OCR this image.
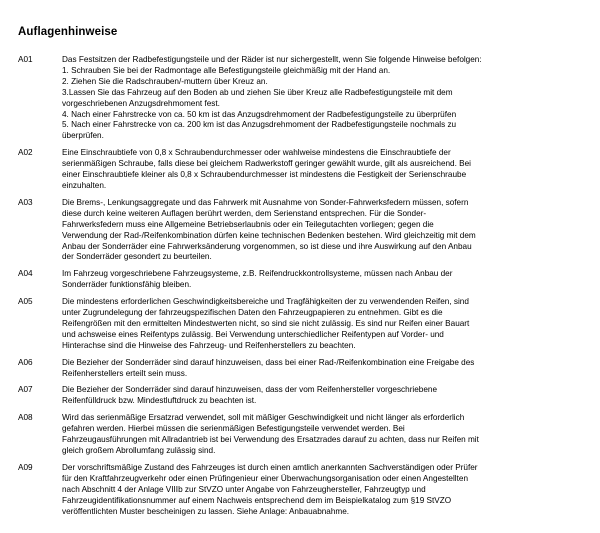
Auflagenhinweise
A01	Das Festsitzen der Radbefestigungsteile und der Räder ist nur sichergestellt, wenn Sie folgende Hinweise befolgen:
1. Schrauben Sie bei der Radmontage alle Befestigungsteile gleichmäßig mit der Hand an.
2. Ziehen Sie die Radschrauben/-muttern über Kreuz an.
3.Lassen Sie das Fahrzeug auf den Boden ab und ziehen Sie über Kreuz alle Radbefestigungsteile mit dem
vorgeschriebenen Anzugsdrehmoment fest.
4. Nach einer Fahrstrecke von ca. 50 km ist das Anzugsdrehmoment der Radbefestigungsteile zu überprüfen
5. Nach einer Fahrstrecke von ca. 200 km ist das Anzugsdrehmoment der Radbefestigungsteile nochmals zu
überprüfen.
A02	Eine Einschraubtiefe von 0,8 x Schraubendurchmesser oder wahlweise mindestens die Einschraubtiefe der
serienmäßigen Schraube, falls diese bei gleichem Radwerkstoff geringer gewählt wurde, gilt als ausreichend. Bei
einer Einschraubtiefe kleiner als 0,8 x Schraubendurchmesser ist mindestens die Festigkeit der Serienschraube
einzuhalten.
A03	Die Brems-, Lenkungsaggregate und das Fahrwerk mit Ausnahme von Sonder-Fahrwerksfedern müssen, sofern
diese durch keine weiteren Auflagen berührt werden, dem Serienstand entsprechen. Für die Sonder-
Fahrwerksfedern muss eine Allgemeine Betriebserlaubnis oder ein Teilegutachten vorliegen; gegen die
Verwendung der Rad-/Reifenkombination dürfen keine technischen Bedenken bestehen. Wird gleichzeitig mit dem
Anbau der Sonderräder eine Fahrwerksänderung vorgenommen, so ist diese und ihre Auswirkung auf den Anbau
der Sonderräder gesondert zu beurteilen.
A04	Im Fahrzeug vorgeschriebene Fahrzeugsysteme, z.B. Reifendruckkontrollsysteme, müssen nach Anbau der
Sonderräder funktionsfähig bleiben.
A05	Die mindestens erforderlichen Geschwindigkeitsbereiche und Tragfähigkeiten der zu verwendenden Reifen, sind
unter Zugrundelegung der fahrzeugspezifischen Daten den Fahrzeugpapieren zu entnehmen. Gibt es die
Reifengrößen mit den ermittelten Mindestwerten nicht, so sind sie nicht zulässig. Es sind nur Reifen einer Bauart
und achsweise eines Reifentyps zulässig. Bei Verwendung unterschiedlicher Reifentypen auf Vorder- und
Hinterachse sind die Hinweise des Fahrzeug- und Reifenherstellers zu beachten.
A06	Die Bezieher der Sonderräder sind darauf hinzuweisen, dass bei einer Rad-/Reifenkombination eine Freigabe des
Reifenherstellers erteilt sein muss.
A07	Die Bezieher der Sonderräder sind darauf hinzuweisen, dass der vom Reifenhersteller vorgeschriebene
Reifenfülldruck bzw. Mindestluftdruck zu beachten ist.
A08	Wird das serienmäßige Ersatzrad verwendet, soll mit mäßiger Geschwindigkeit und nicht länger als erforderlich
gefahren werden. Hierbei müssen die serienmäßigen Befestigungsteile verwendet werden. Bei
Fahrzeugausführungen mit Allradantrieb ist bei Verwendung des Ersatzrades darauf zu achten, dass nur Reifen mit
gleich großem Abrollumfang zulässig sind.
A09	Der vorschriftsmäßige Zustand des Fahrzeuges ist durch einen amtlich anerkannten Sachverständigen oder Prüfer
für den Kraftfahrzeugverkehr oder einen Prüfingenieur einer Überwachungsorganisation oder einen Angestellten
nach Abschnitt 4 der Anlage VIIIb zur StVZO unter Angabe von Fahrzeughersteller, Fahrzeugtyp und
Fahrzeugidentifikationsnummer auf einem Nachweis entsprechend dem im Beispielkatalog zum §19 StVZO
veröffentlichten Muster bescheinigen zu lassen. Siehe Anlage: Anbauabnahme.
